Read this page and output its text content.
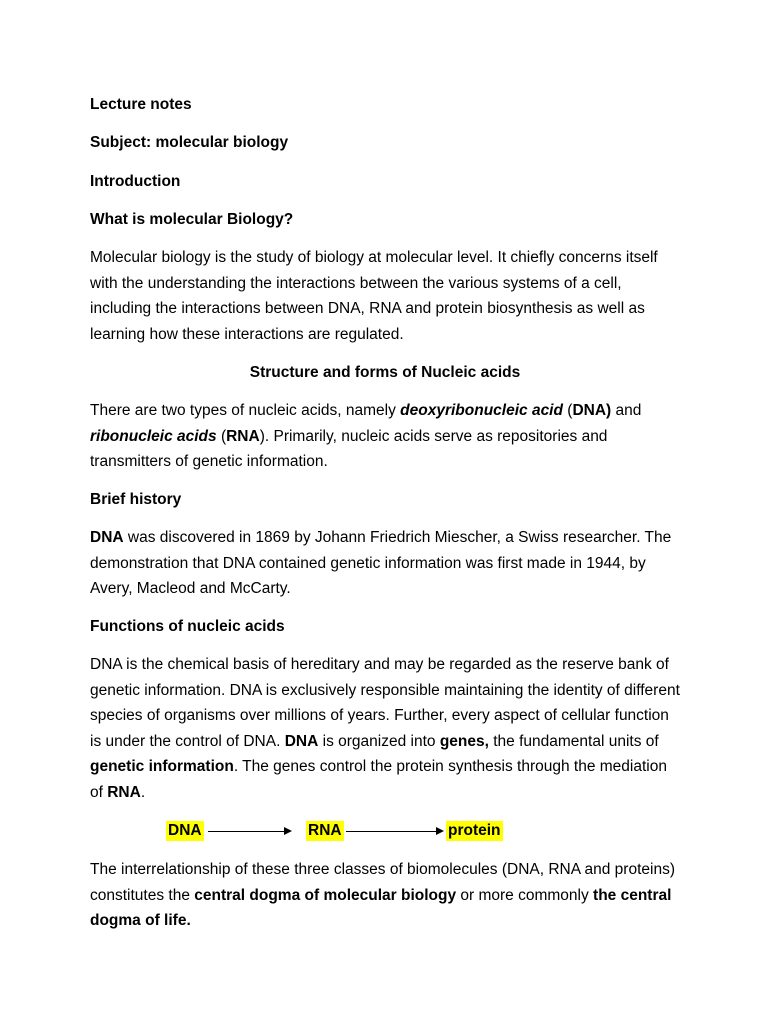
Lecture notes

Subject: molecular biology

Introduction

What is molecular Biology?

Molecular biology is the study of biology at molecular level. It chiefly concerns itself with the understanding the interactions between the various systems of a cell, including the interactions between DNA, RNA and protein biosynthesis as well as learning how these interactions are regulated.

Structure and forms of Nucleic acids

There are two types of nucleic acids, namely deoxyribonucleic acid (DNA) and ribonucleic acids (RNA). Primarily, nucleic acids serve as repositories and transmitters of genetic information.

Brief history

DNA was discovered in 1869 by Johann Friedrich Miescher, a Swiss researcher. The demonstration that DNA contained genetic information was first made in 1944, by Avery, Macleod and McCarty.

Functions of nucleic acids

DNA is the chemical basis of hereditary and may be regarded as the reserve bank of genetic information. DNA is exclusively responsible maintaining the identity of different species of organisms over millions of years. Further, every aspect of cellular function is under the control of DNA. DNA is organized into genes, the fundamental units of genetic information. The genes control the protein synthesis through the mediation of RNA.

DNA	RNA	protein

The interrelationship of these three classes of biomolecules (DNA, RNA and proteins) constitutes the central dogma of molecular biology or more commonly the central dogma of life.
